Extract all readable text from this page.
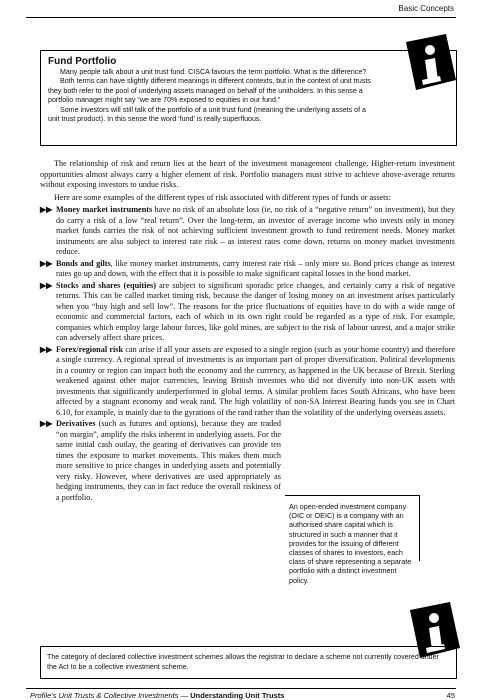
Basic Concepts
Fund Portfolio

Many people talk about a unit trust fund. CISCA favours the term portfolio. What is the difference?

Both terms can have slightly different meanings in different contexts, but in the context of unit trusts they both refer to the pool of underlying assets managed on behalf of the unitholders. In this sense a portfolio manager might say “we are 70% exposed to equities in our fund.”

Some investors will still talk of the portfolio of a unit trust fund (meaning the underlying assets of a unit trust product). In this sense the word ‘fund’ is really superfluous.

The relationship of risk and return lies at the heart of the investment management challenge. Higher-return investment opportunities almost always carry a higher element of risk. Portfolio managers must strive to achieve above-average returns without exposing investors to undue risks.

Here are some examples of the different types of risk associated with different types of funds or assets:

▶▶ Money market instruments have no risk of an absolute loss (ie, no risk of a “negative return” on investment), but they do carry a risk of a low “real return”. Over the long-term, an investor of average income who invests only in money market funds carries the risk of not achieving sufficient investment growth to fund retirement needs. Money market instruments are also subject to interest rate risk – as interest rates come down, returns on money market investments reduce.
▶▶ Bonds and gilts, like money market instruments, carry interest rate risk – only more so. Bond prices change as interest rates go up and down, with the effect that it is possible to make significant capital losses in the bond market.
▶▶ Stocks and shares (equities) are subject to significant sporadic price changes, and certainly carry a risk of negative returns. This can be called market timing risk, because the danger of losing money on an investment arises particularly when you “buy high and sell low”. The reasons for the price fluctuations of equities have to do with a wide range of economic and commercial factors, each of which in its own right could be regarded as a type of risk. For example, companies which employ large labour forces, like gold mines, are subject to the risk of labour unrest, and a major strike can adversely affect share prices.
▶▶ Forex/regional risk can arise if all your assets are exposed to a single region (such as your home country) and therefore a single currency. A regional spread of investments is an important part of proper diversification. Political developments in a country or region can impact both the economy and the currency, as happened in the UK because of Brexit. Sterling weakened against other major currencies, leaving British investors who did not diversify into non-UK assets with investments that significantly underperformed in global terms. A similar problem faces South Africans, who have been affected by a stagnant economy and weak rand. The high volatility of non-SA Interest Bearing funds you see in Chart 6.10, for example, is mainly due to the gyrations of the rand rather than the volatility of the underlying overseas assets.
▶▶ Derivatives (such as futures and options), because they are traded “on margin”, amplify the risks inherent in underlying assets. For the same initial cash outlay, the gearing of derivatives can provide ten times the exposure to market movements. This makes them much more sensitive to price changes in underlying assets and potentially very risky. However, where derivatives are used appropriately as hedging instruments, they can in fact reduce the overall riskiness of a portfolio.
An open-ended investment company (OIC or OEIC) is a company with an authorised share capital which is structured in such a manner that it provides for the issuing of different classes of shares to investors, each class of share representing a separate portfolio with a distinct investment policy.

The category of declared collective investment schemes allows the registrar to declare a scheme not currently covered under the Act to be a collective investment scheme.

Profile’s Unit Trusts & Collective Investments — Understanding Unit Trusts	45
